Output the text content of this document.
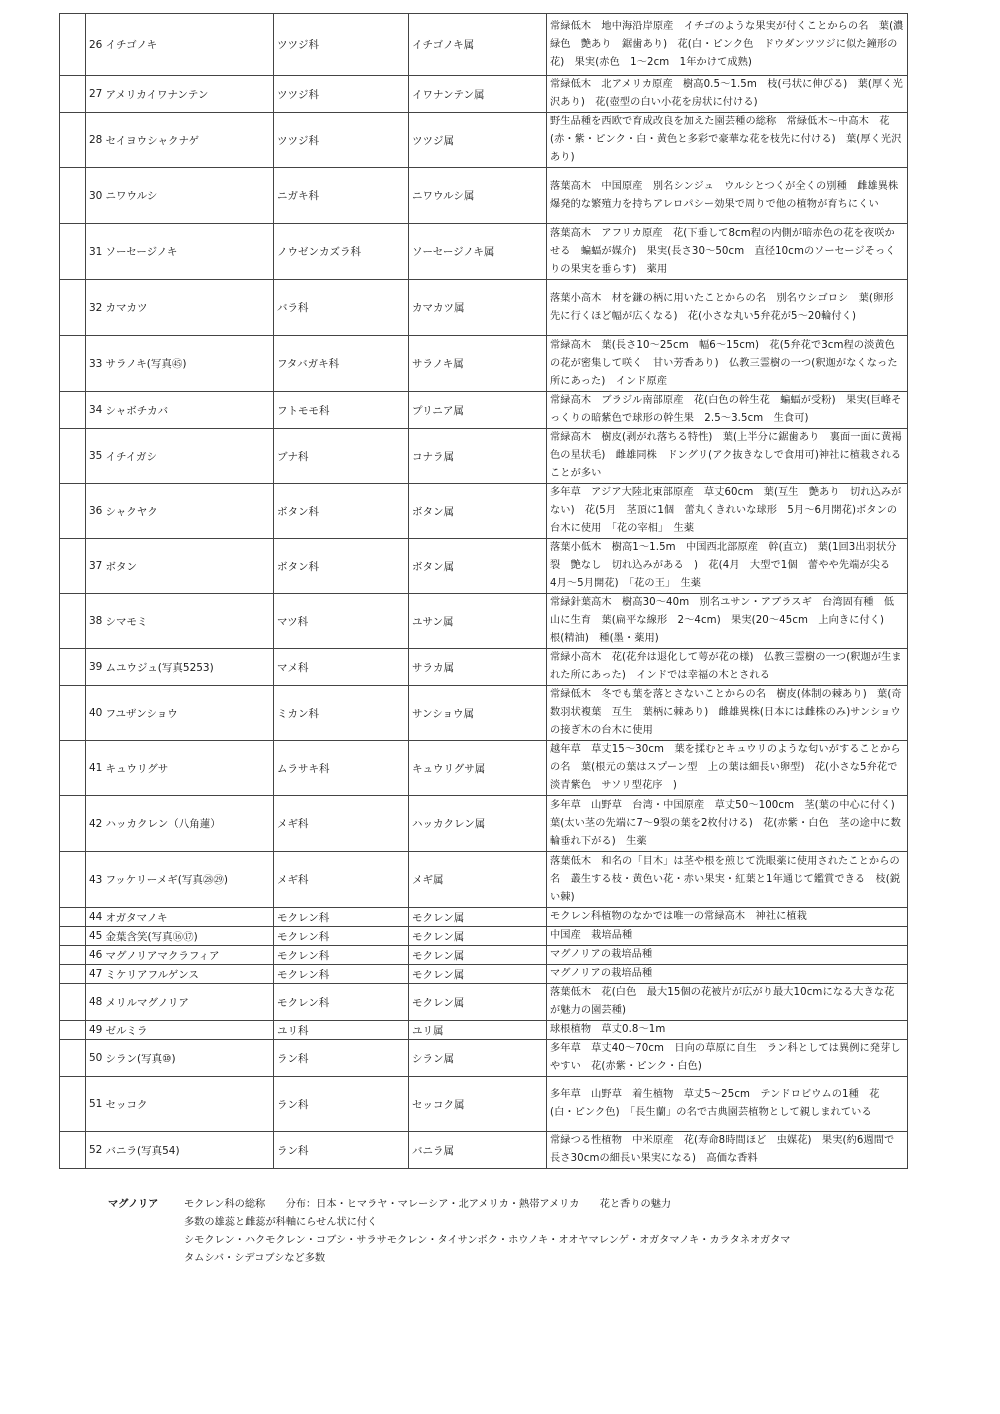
	26	イチゴノキ	ツツジ科	イチゴノキ属	常緑低木　地中海沿岸原産　イチゴのような果実が付くことからの名　葉(濃緑色　艶あり　鋸歯あり)　花(白・ピンク色　ドウダンツツジに似た鐘形の花)　果実(赤色　1～2cm　1年かけて成熟)
	27	アメリカイワナンテン	ツツジ科	イワナンテン属	常緑低木　北アメリカ原産　樹高0.5～1.5m　枝(弓状に伸びる)　葉(厚く光沢あり)　花(壺型の白い小花を房状に付ける)
	28	セイヨウシャクナゲ	ツツジ科	ツツジ属	野生品種を西欧で育成改良を加えた園芸種の総称　常緑低木～中高木　花(赤・紫・ピンク・白・黄色と多彩で豪華な花を枝先に付ける)　葉(厚く光沢あり)
	30	ニワウルシ	ニガキ科	ニワウルシ属	落葉高木　中国原産　別名シンジュ　ウルシとつくが全くの別種　雌雄異株　爆発的な繁殖力を持ちアレロパシー効果で周りで他の植物が育ちにくい
	31	ソーセージノキ	ノウゼンカズラ科	ソーセージノキ属	落葉高木　アフリカ原産　花(下垂して8cm程の内側が暗赤色の花を夜咲かせる　蝙蝠が媒介)　果実(長さ30～50cm　直径10cmのソーセージそっくりの果実を垂らす)　薬用
	32	カマカツ	バラ科	カマカツ属	落葉小高木　材を鎌の柄に用いたことからの名　別名ウシゴロシ　葉(卵形　先に行くほど幅が広くなる)　花(小さな丸い5弁花が5～20輪付く)
	33	サラノキ(写真㊺)	フタバガキ科	サラノキ属	常緑高木　葉(長さ10～25cm　幅6～15cm)　花(5弁花で3cm程の淡黄色の花が密集して咲く　甘い芳香あり)　仏教三霊樹の一つ(釈迦がなくなった所にあった)　インド原産
	34	シャボチカバ	フトモモ科	プリニア属	常緑高木　ブラジル南部原産　花(白色の幹生花　蝙蝠が受粉)　果実(巨峰そっくりの暗紫色で球形の幹生果　2.5～3.5cm　生食可)
	35	イチイガシ	ブナ科	コナラ属	常緑高木　樹皮(剥がれ落ちる特性)　葉(上半分に鋸歯あり　裏面一面に黄褐色の星状毛)　雌雄同株　ドングリ(アク抜きなしで食用可)神社に植栽されることが多い
	36	シャクヤク	ボタン科	ボタン属	多年草　アジア大陸北東部原産　草丈60cm　葉(互生　艶あり　切れ込みがない)　花(5月　茎頂に1個　蕾丸くきれいな球形　5月～6月開花)ボタンの台木に使用　「花の宰相」　生薬
	37	ボタン	ボタン科	ボタン属	落葉小低木　樹高1～1.5m　中国西北部原産　幹(直立)　葉(1回3出羽状分裂　艶なし　切れ込みがある　)　花(4月　大型で1個　蕾やや先端が尖る　4月～5月開花)　「花の王」　生薬
	38	シマモミ	マツ科	ユサン属	常緑針葉高木　樹高30～40m　別名ユサン・アブラスギ　台湾固有種　低山に生育　葉(扁平な線形　2～4cm)　果実(20～45cm　上向きに付く)　根(精油)　種(墨・薬用)
	39	ムユウジュ(写真5253)	マメ科	サラカ属	常緑小高木　花(花弁は退化して萼が花の様)　仏教三霊樹の一つ(釈迦が生まれた所にあった)　インドでは幸福の木とされる
	40	フユザンショウ	ミカン科	サンショウ属	常緑低木　冬でも葉を落とさないことからの名　樹皮(体制の棘あり)　葉(奇数羽状複葉　互生　葉柄に棘あり)　雌雄異株(日本には雌株のみ)サンショウの接ぎ木の台木に使用
	41	キュウリグサ	ムラサキ科	キュウリグサ属	越年草　草丈15～30cm　葉を揉むとキュウリのような匂いがすることからの名　葉(根元の葉はスプーン型　上の葉は細長い卵型)　花(小さな5弁花で淡青紫色　サソリ型花序　)
	42	ハッカクレン（八角蓮）	メギ科	ハッカクレン属	多年草　山野草　台湾・中国原産　草丈50～100cm　茎(葉の中心に付く)　葉(太い茎の先端に7～9裂の葉を2枚付ける)　花(赤紫・白色　茎の途中に数輪垂れ下がる)　生薬
	43	フッケリーメギ(写真㉘㉙)	メギ科	メギ属	落葉低木　和名の「目木」は茎や根を煎じて洗眼薬に使用されたことからの名　叢生する枝・黄色い花・赤い果実・紅葉と1年通じて鑑賞できる　枝(鋭い棘)
	44	オガタマノキ	モクレン科	モクレン属	モクレン科植物のなかでは唯一の常緑高木　神社に植栽
	45	金葉含笑(写真⑯⑰)	モクレン科	モクレン属	中国産　栽培品種
	46	マグノリアマクラフィア	モクレン科	モクレン属	マグノリアの栽培品種
	47	ミケリアフルゲンス	モクレン科	モクレン属	マグノリアの栽培品種
	48	メリルマグノリア	モクレン科	モクレン属	落葉低木　花(白色　最大15個の花被片が広がり最大10cmになる大きな花が魅力の園芸種)
	49	ゼルミラ	ユリ科	ユリ属	球根植物　草丈0.8～1m
	50	シラン(写真⑩)	ラン科	シラン属	多年草　草丈40～70cm　日向の草原に自生　ラン科としては異例に発芽しやすい　花(赤紫・ピンク・白色)
	51	セッコク	ラン科	セッコク属	多年草　山野草　着生植物　草丈5～25cm　テンドロビウムの1種　花(白・ピンク色)　「長生蘭」の名で古典園芸植物として親しまれている
	52	バニラ(写真54)	ラン科	バニラ属	常緑つる性植物　中米原産　花(寿命8時間ほど　虫媒花)　果実(約6週間で長さ30cmの細長い果実になる)　高価な香料
マグノリア	モクレン科の総称　　分布：日本・ヒマラヤ・マレーシア・北アメリカ・熱帯アメリカ　　花と香りの魅力
多数の雄蕊と雌蕊が科軸にらせん状に付く
シモクレン・ハクモクレン・コブシ・サラサモクレン・タイサンボク・ホウノキ・オオヤマレンゲ・オガタマノキ・カラタネオガタマ
タムシバ・シデコブシなど多数
